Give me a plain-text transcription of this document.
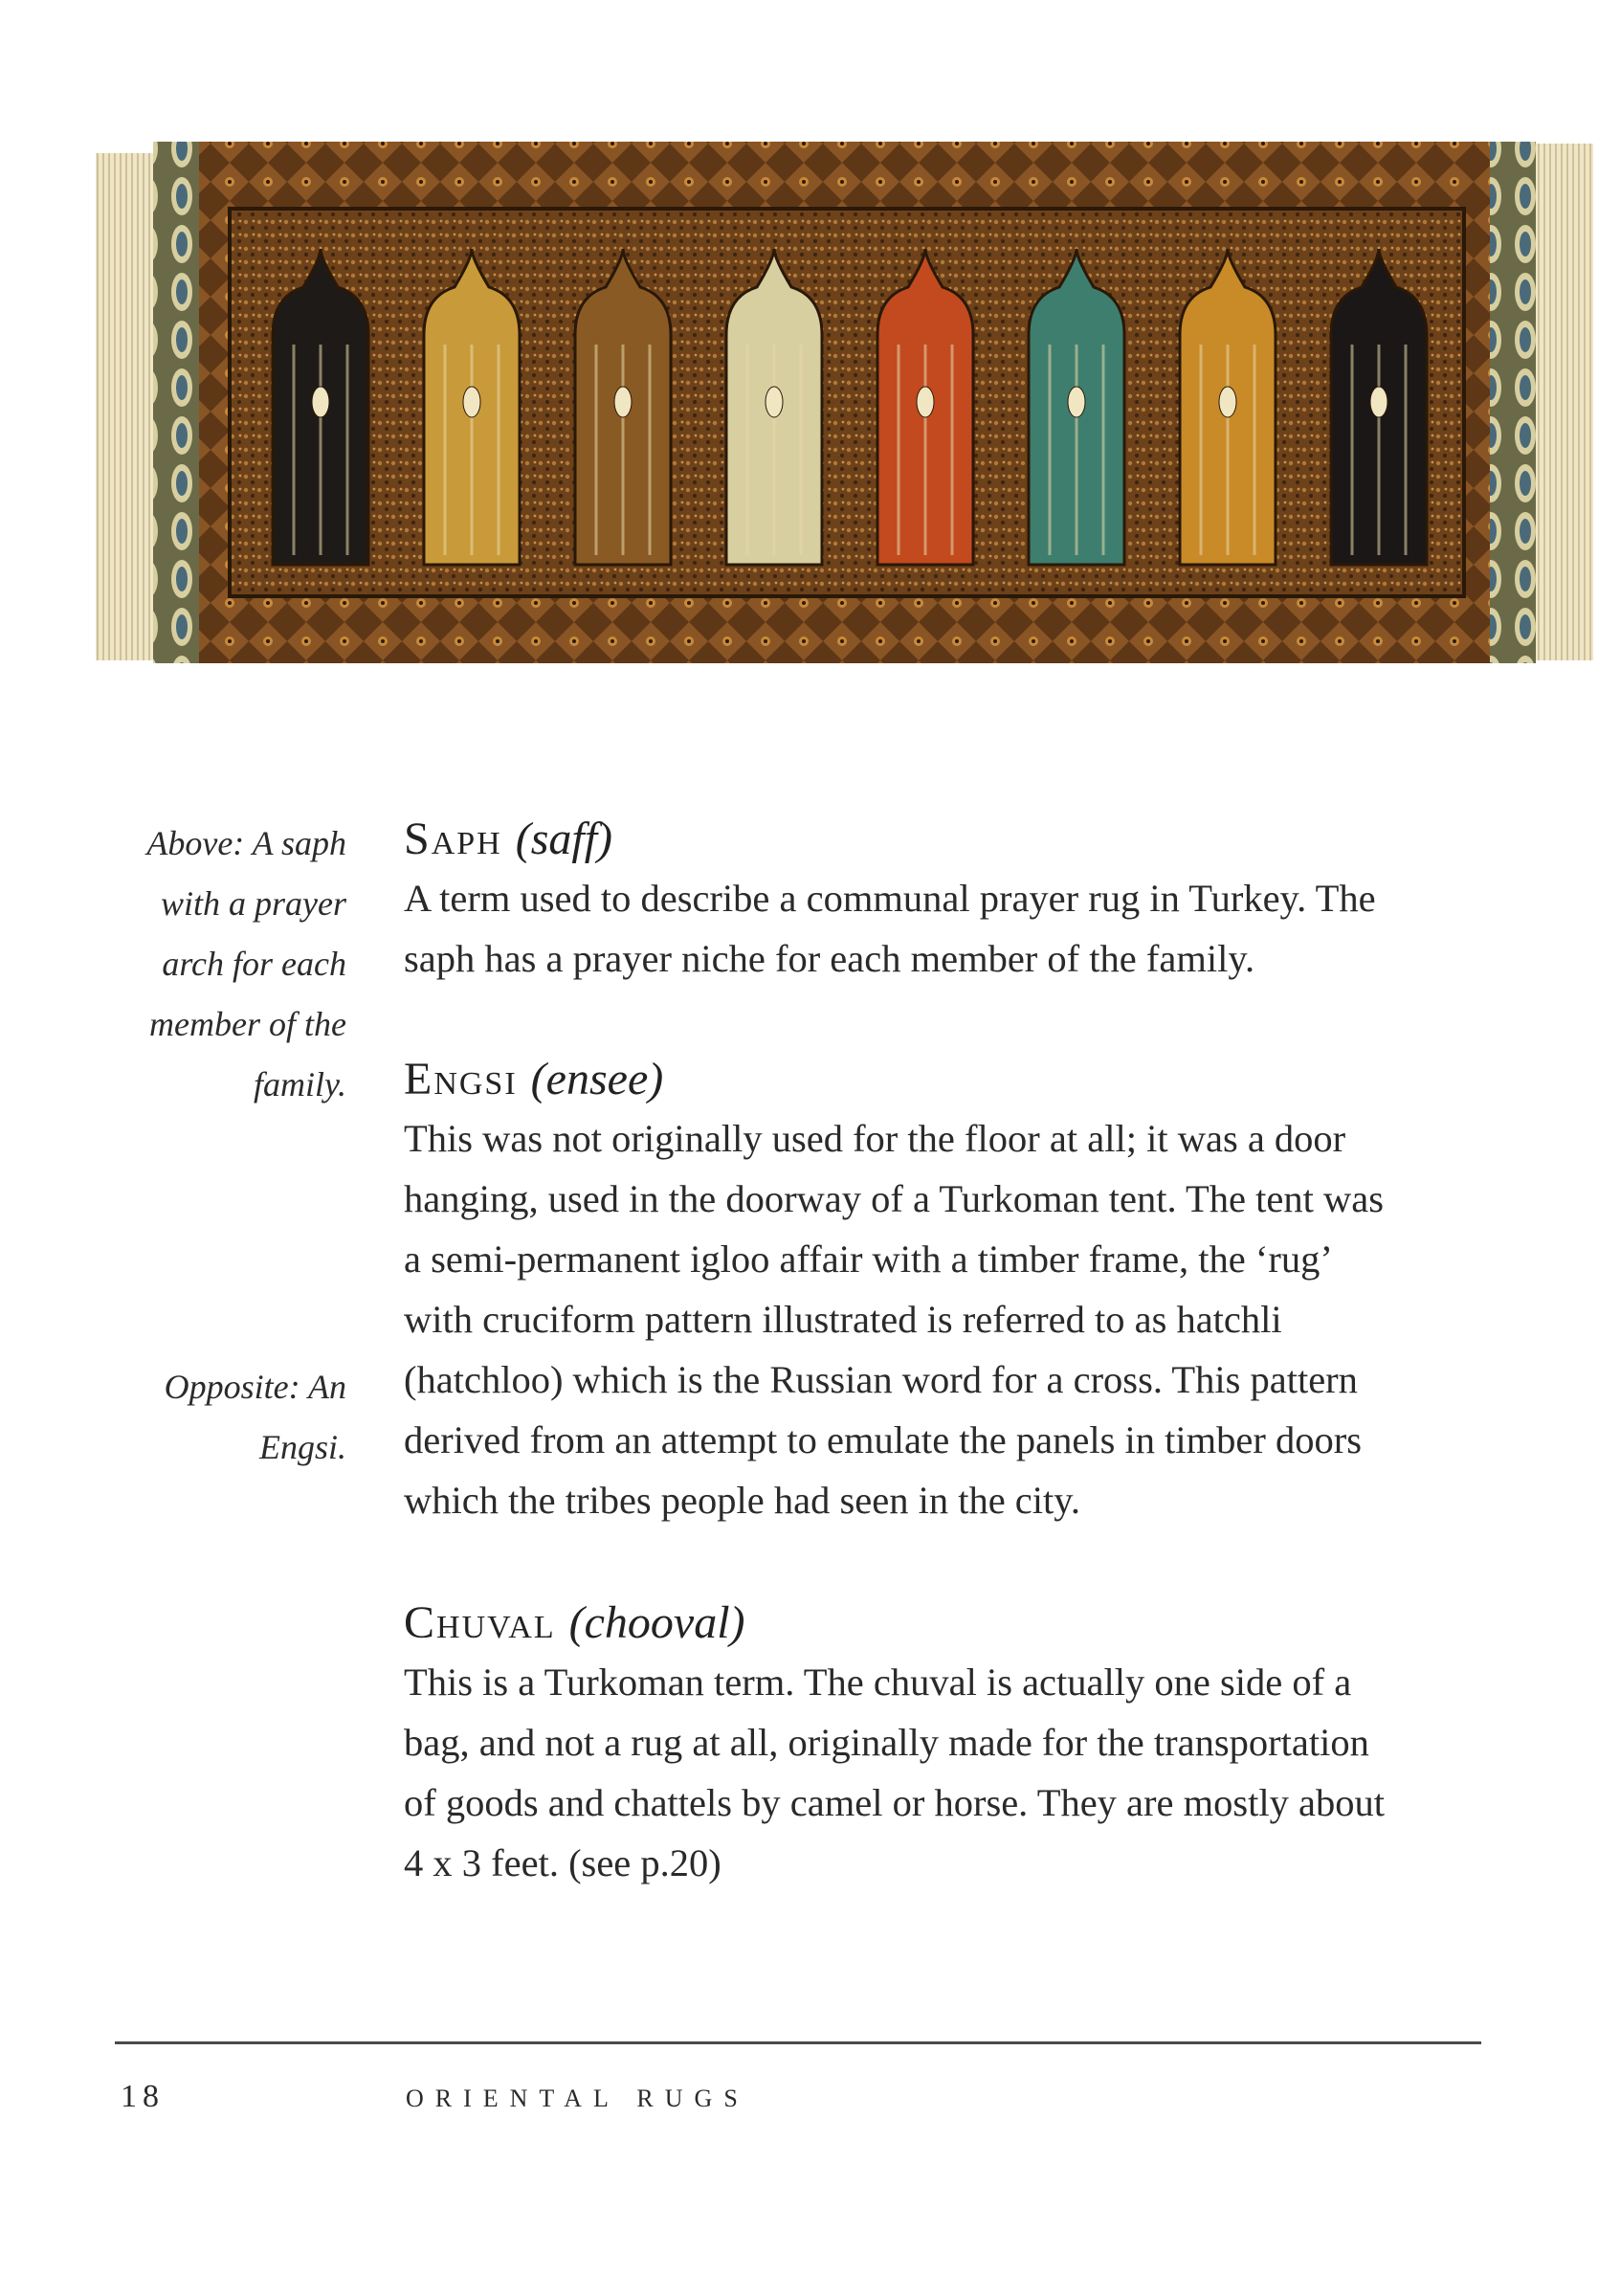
Above: A saph
with a prayer
arch for each
member of the
family.
Opposite: An
Engsi.
Saph (saff)

A term used to describe a communal prayer rug in Turkey. The

saph has a prayer niche for each member of the family.

Engsi (ensee)

This was not originally used for the floor at all; it was a door

hanging, used in the doorway of a Turkoman tent. The tent was

a semi-permanent igloo affair with a timber frame, the ‘rug’

with cruciform pattern illustrated is referred to as hatchli

(hatchloo) which is the Russian word for a cross. This pattern

derived from an attempt to emulate the panels in timber doors

which the tribes people had seen in the city.

Chuval (chooval)

This is a Turkoman term. The chuval is actually one side of a

bag, and not a rug at all, originally made for the transportation

of goods and chattels by camel or horse. They are mostly about

4 x 3 feet. (see p.20)

18	ORIENTAL RUGS
